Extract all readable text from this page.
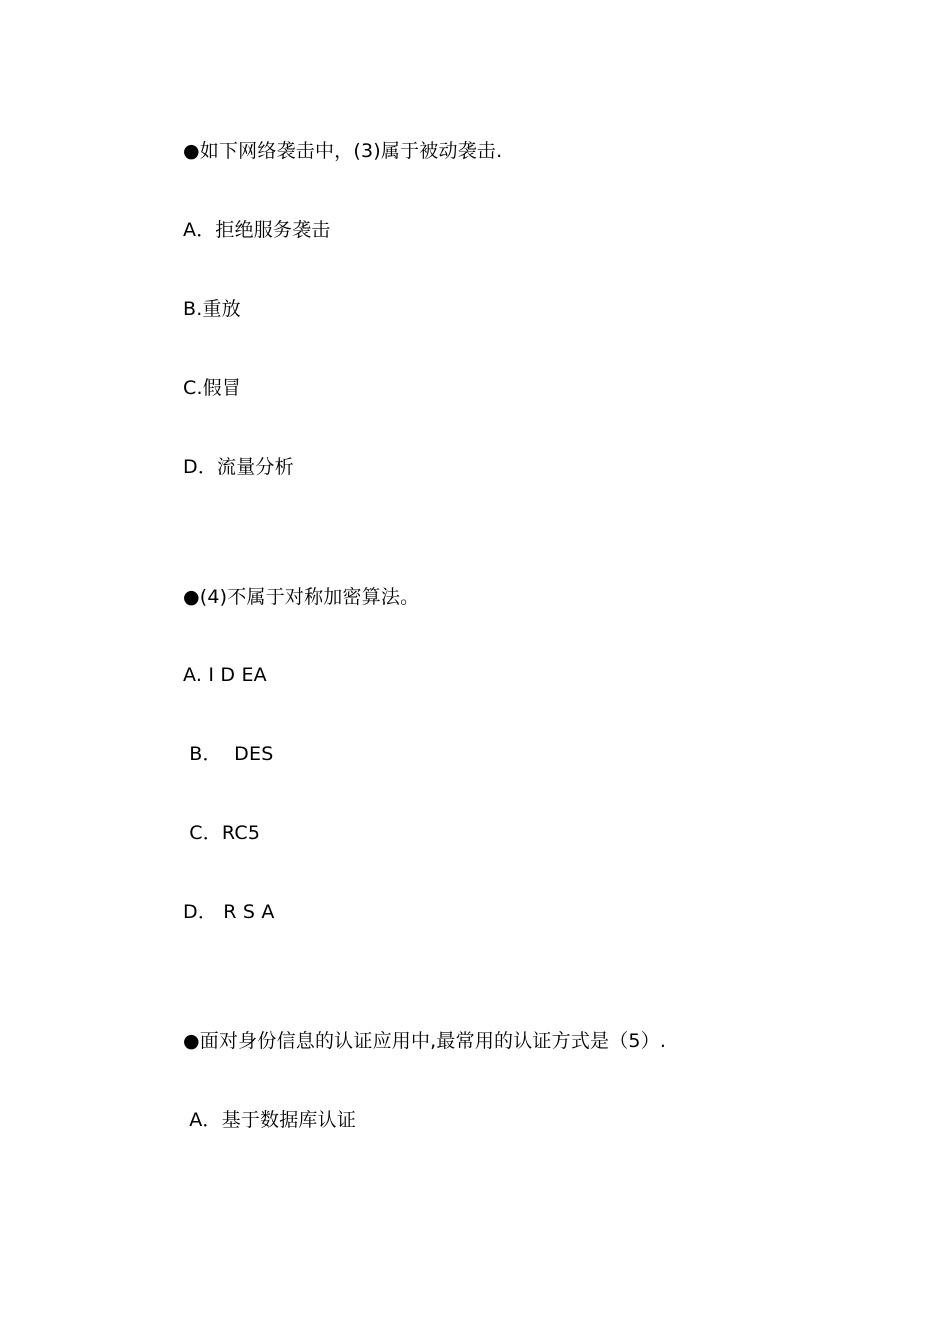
●如下网络袭击中，(3)属于被动袭击.
A．拒绝服务袭击
B.重放
C.假冒
D．流量分析
●(4)不属于对称加密算法。
A. I D EA
B．  DES
C．RC5
D． R S A
●面对身份信息的认证应用中,最常用的认证方式是（5）.
A．基于数据库认证
